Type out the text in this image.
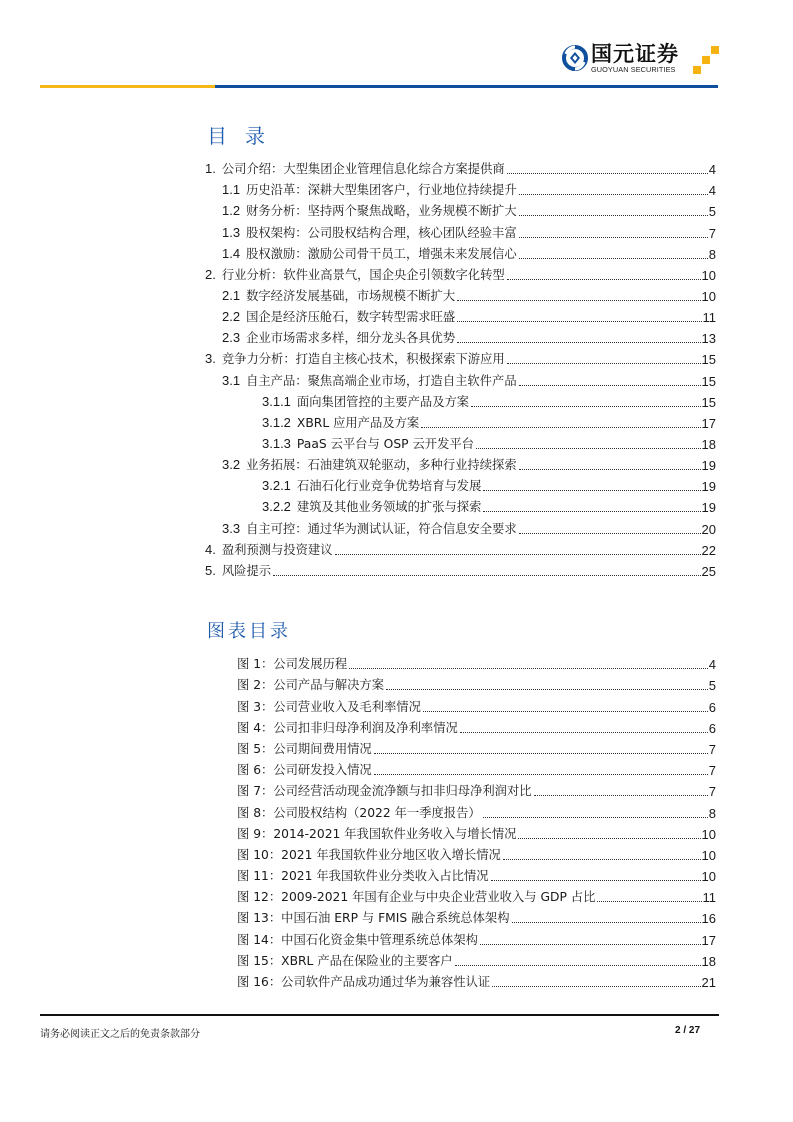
国元证券
GUOYUAN SECURITIES
目录
1. 公司介绍：大型集团企业管理信息化综合方案提供商	4
1.1 历史沿革：深耕大型集团客户，行业地位持续提升	4
1.2 财务分析：坚持两个聚焦战略，业务规模不断扩大	5
1.3 股权架构：公司股权结构合理，核心团队经验丰富	7
1.4 股权激励：激励公司骨干员工，增强未来发展信心	8
2. 行业分析：软件业高景气，国企央企引领数字化转型	10
2.1 数字经济发展基础，市场规模不断扩大	10
2.2 国企是经济压舱石，数字转型需求旺盛	11
2.3 企业市场需求多样，细分龙头各具优势	13
3. 竞争力分析：打造自主核心技术，积极探索下游应用	15
3.1 自主产品：聚焦高端企业市场，打造自主软件产品	15
3.1.1 面向集团管控的主要产品及方案	15
3.1.2 XBRL 应用产品及方案	17
3.1.3 PaaS 云平台与 OSP 云开发平台	18
3.2 业务拓展：石油建筑双轮驱动，多种行业持续探索	19
3.2.1 石油石化行业竞争优势培育与发展	19
3.2.2 建筑及其他业务领域的扩张与探索	19
3.3 自主可控：通过华为测试认证，符合信息安全要求	20
4. 盈利预测与投资建议	22
5. 风险提示	25
图表目录
图 1：公司发展历程	4
图 2：公司产品与解决方案	5
图 3：公司营业收入及毛利率情况	6
图 4：公司扣非归母净利润及净利率情况	6
图 5：公司期间费用情况	7
图 6：公司研发投入情况	7
图 7：公司经营活动现金流净额与扣非归母净利润对比	7
图 8：公司股权结构（2022 年一季度报告）	8
图 9：2014-2021 年我国软件业务收入与增长情况	10
图 10：2021 年我国软件业分地区收入增长情况	10
图 11：2021 年我国软件业分类收入占比情况	10
图 12：2009-2021 年国有企业与中央企业营业收入与 GDP 占比	11
图 13：中国石油 ERP 与 FMIS 融合系统总体架构	16
图 14：中国石化资金集中管理系统总体架构	17
图 15：XBRL 产品在保险业的主要客户	18
图 16：公司软件产品成功通过华为兼容性认证	21
请务必阅读正文之后的免责条款部分	2 / 27
